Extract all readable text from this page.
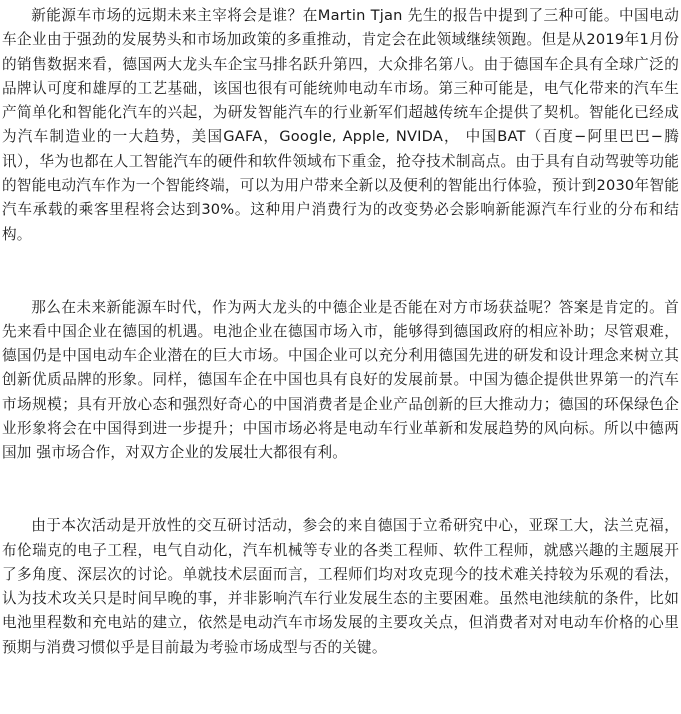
新能源车市场的远期未来主宰将会是谁？在Martin Tjan 先生的报告中提到了三种可能。中国电动车企业由于强劲的发展势头和市场加政策的多重推动，肯定会在此领域继续领跑。但是从2019年1月份的销售数据来看，德国两大龙头车企宝马排名跃升第四，大众排名第八。由于德国车企具有全球广泛的品牌认可度和雄厚的工艺基础，该国也很有可能统帅电动车市场。第三种可能是，电气化带来的汽车生产简单化和智能化汽车的兴起，为研发智能汽车的行业新军们超越传统车企提供了契机。智能化已经成为汽车制造业的一大趋势，美国GAFA，Google, Apple, NVIDA， 中国BAT（百度−阿里巴巴−腾讯），华为也都在人工智能汽车的硬件和软件领域布下重金，抢夺技术制高点。由于具有自动驾驶等功能的智能电动汽车作为一个智能终端，可以为用户带来全新以及便利的智能出行体验，预计到2030年智能汽车承载的乘客里程将会达到30%。这种用户消费行为的改变势必会影响新能源汽车行业的分布和结构。

那么在未来新能源车时代，作为两大龙头的中德企业是否能在对方市场获益呢？答案是肯定的。首先来看中国企业在德国的机遇。电池企业在德国市场入市，能够得到德国政府的相应补助；尽管艰难，德国仍是中国电动车企业潜在的巨大市场。中国企业可以充分利用德国先进的研发和设计理念来树立其创新优质品牌的形象。同样，德国车企在中国也具有良好的发展前景。中国为德企提供世界第一的汽车市场规模；具有开放心态和强烈好奇心的中国消费者是企业产品创新的巨大推动力；德国的环保绿色企业形象将会在中国得到进一步提升；中国市场必将是电动车行业革新和发展趋势的风向标。所以中德两国加 强市场合作，对双方企业的发展壮大都很有利。

由于本次活动是开放性的交互研讨活动，参会的来自德国于立希研究中心，亚琛工大，法兰克福，布伦瑞克的电子工程，电气自动化，汽车机械等专业的各类工程师、软件工程师，就感兴趣的主题展开了多角度、深层次的讨论。单就技术层面而言，工程师们均对攻克现今的技术难关持较为乐观的看法，认为技术攻关只是时间早晚的事，并非影响汽车行业发展生态的主要困难。虽然电池续航的条件，比如电池里程数和充电站的建立，依然是电动汽车市场发展的主要攻关点，但消费者对对电动车价格的心里预期与消费习惯似乎是目前最为考验市场成型与否的关键。
